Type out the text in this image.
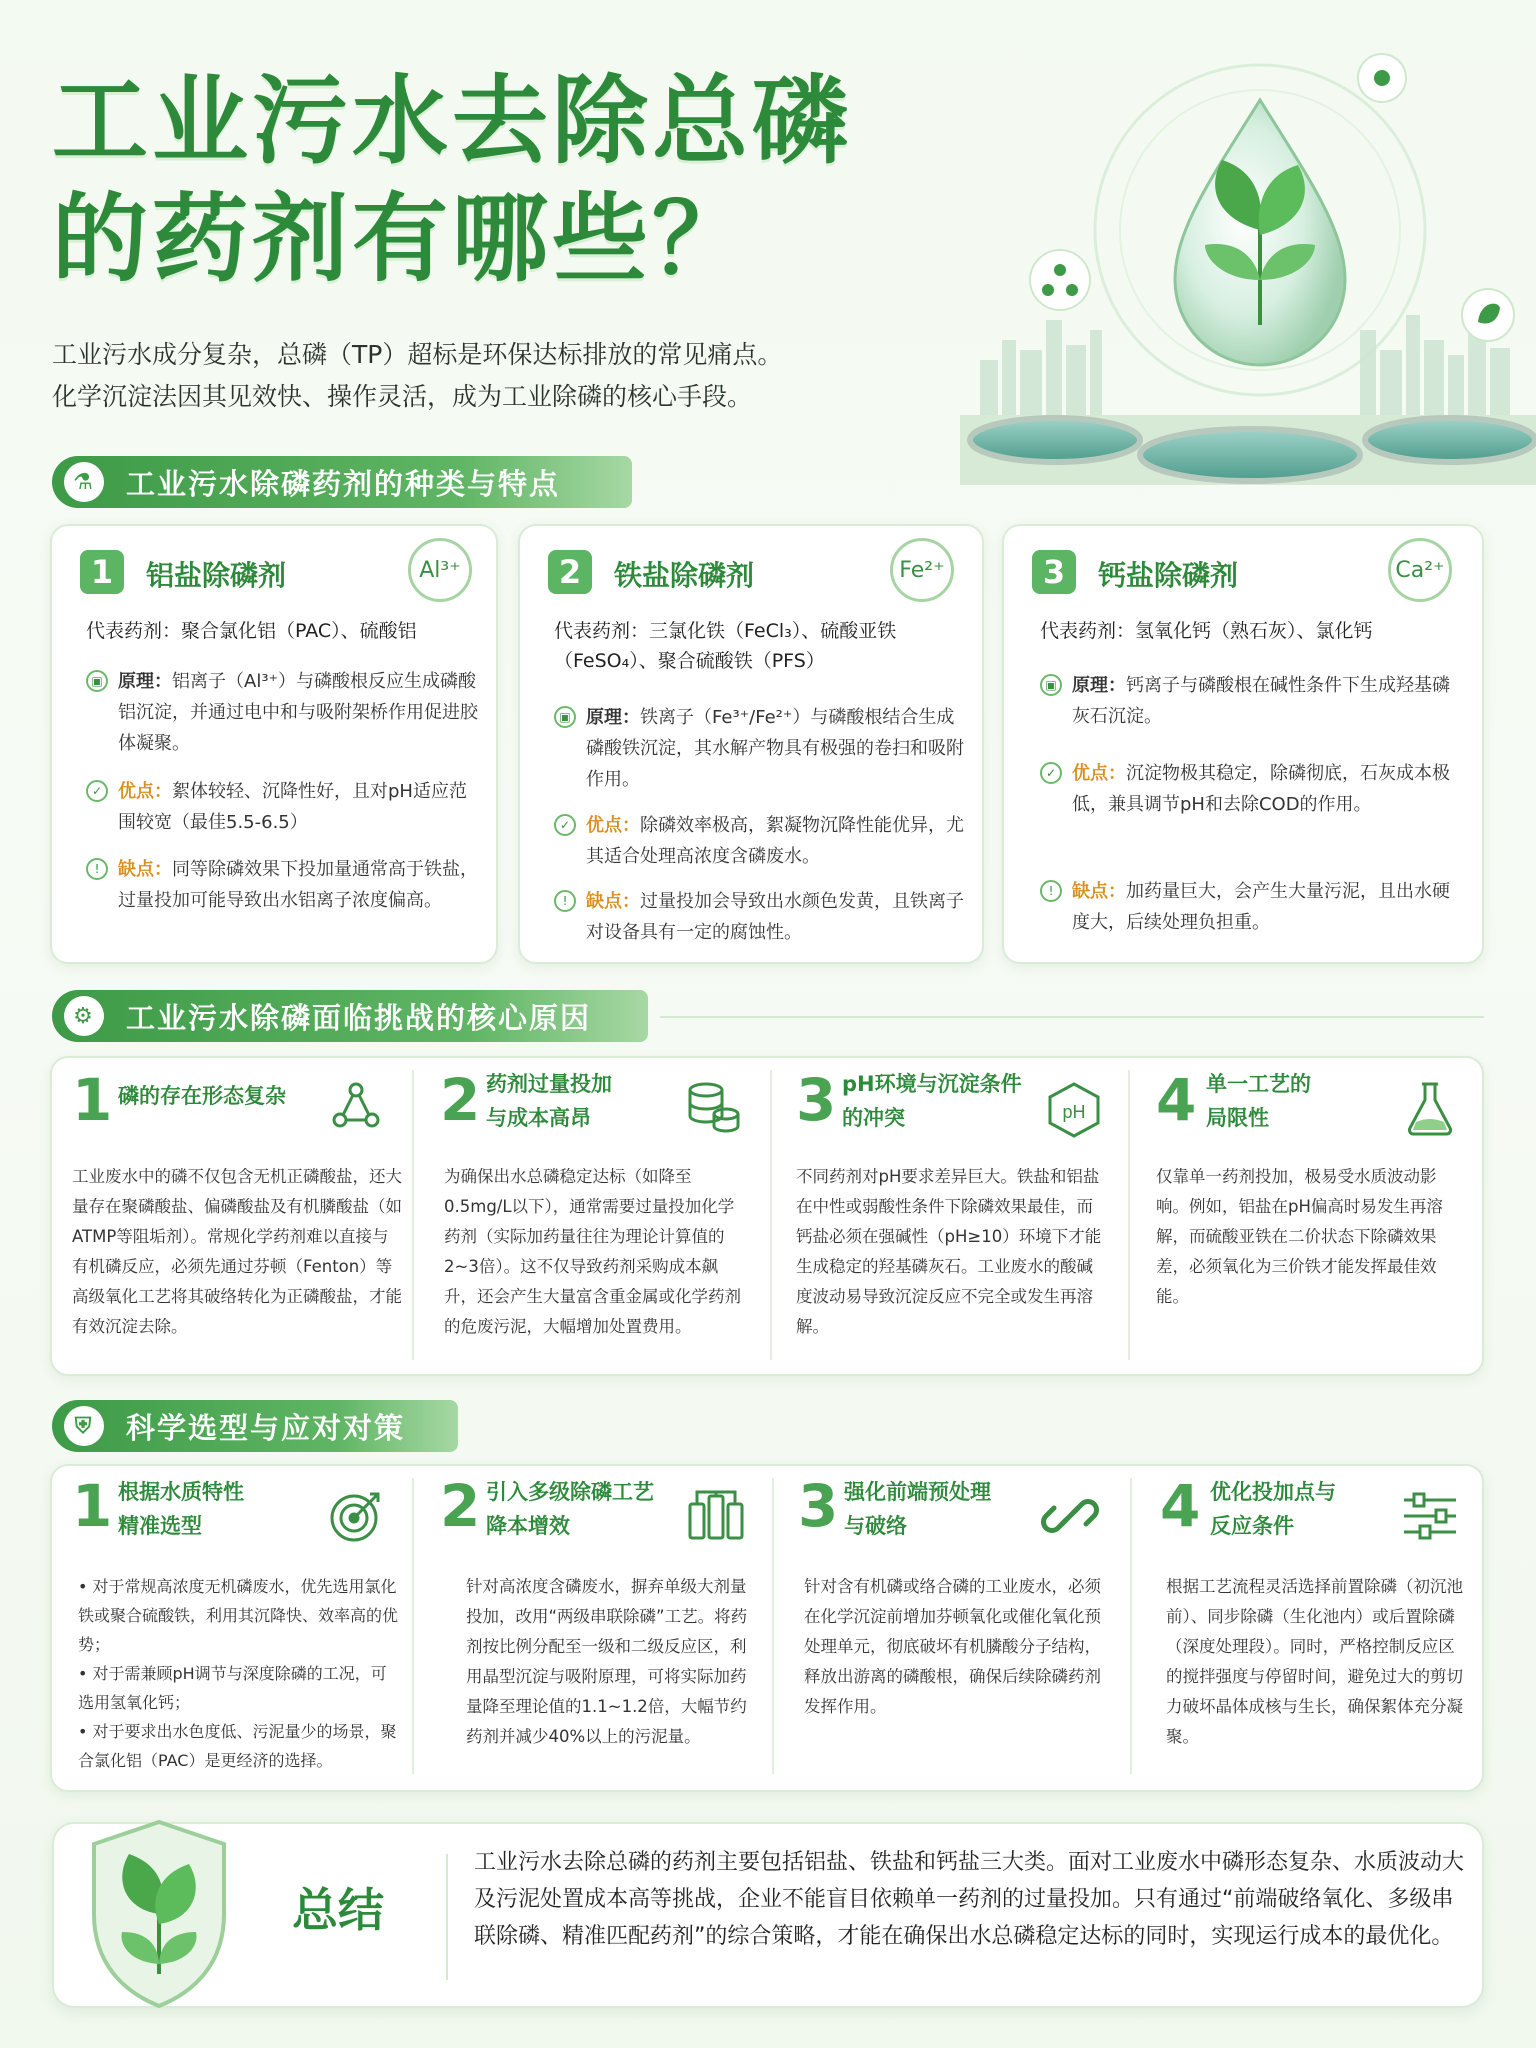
工业污水去除总磷
的药剂有哪些？
工业污水成分复杂，总磷（TP）超标是环保达标排放的常见痛点。
化学沉淀法因其见效快、操作灵活，成为工业除磷的核心手段。
⚗	工业污水除磷药剂的种类与特点
1	铝盐除磷剂	Al³⁺
代表药剂：聚合氯化铝（PAC）、硫酸铝
▣ 原理：铝离子（Al³⁺）与磷酸根反应生成磷酸铝沉淀，并通过电中和与吸附架桥作用促进胶体凝聚。
✓ 优点：絮体较轻、沉降性好，且对pH适应范围较宽（最佳5.5-6.5）
!	缺点：同等除磷效果下投加量通常高于铁盐，过量投加可能导致出水铝离子浓度偏高。
2	铁盐除磷剂	Fe²⁺
代表药剂：三氯化铁（FeCl₃）、硫酸亚铁（FeSO₄）、聚合硫酸铁（PFS）
▣ 原理：铁离子（Fe³⁺/Fe²⁺）与磷酸根结合生成磷酸铁沉淀，其水解产物具有极强的卷扫和吸附作用。
✓ 优点：除磷效率极高，絮凝物沉降性能优异，尤其适合处理高浓度含磷废水。
!	缺点：过量投加会导致出水颜色发黄，且铁离子对设备具有一定的腐蚀性。
3	钙盐除磷剂	Ca²⁺
代表药剂：氢氧化钙（熟石灰）、氯化钙
▣ 原理：钙离子与磷酸根在碱性条件下生成羟基磷灰石沉淀。
✓ 优点：沉淀物极其稳定，除磷彻底，石灰成本极低，兼具调节pH和去除COD的作用。
!	缺点：加药量巨大，会产生大量污泥，且出水硬度大，后续处理负担重。
⚙	工业污水除磷面临挑战的核心原因
1 磷的存在形态复杂
工业废水中的磷不仅包含无机正磷酸盐，还大量存在聚磷酸盐、偏磷酸盐及有机膦酸盐（如ATMP等阻垢剂）。常规化学药剂难以直接与有机磷反应，必须先通过芬顿（Fenton）等高级氧化工艺将其破络转化为正磷酸盐，才能有效沉淀去除。
2 药剂过量投加
与成本高昂
为确保出水总磷稳定达标（如降至0.5mg/L以下），通常需要过量投加化学药剂（实际加药量往往为理论计算值的2~3倍）。这不仅导致药剂采购成本飙升，还会产生大量富含重金属或化学药剂的危废污泥，大幅增加处置费用。
3 pH环境与沉淀条件
的冲突	pH
不同药剂对pH要求差异巨大。铁盐和铝盐在中性或弱酸性条件下除磷效果最佳，而钙盐必须在强碱性（pH≥10）环境下才能生成稳定的羟基磷灰石。工业废水的酸碱度波动易导致沉淀反应不完全或发生再溶解。
4 单一工艺的
局限性
仅靠单一药剂投加，极易受水质波动影响。例如，铝盐在pH偏高时易发生再溶解，而硫酸亚铁在二价状态下除磷效果差，必须氧化为三价铁才能发挥最佳效能。
⛨	科学选型与应对对策
1 根据水质特性
精准选型
• 对于常规高浓度无机磷废水，优先选用氯化铁或聚合硫酸铁，利用其沉降快、效率高的优势；
• 对于需兼顾pH调节与深度除磷的工况，可选用氢氧化钙；
• 对于要求出水色度低、污泥量少的场景，聚合氯化铝（PAC）是更经济的选择。
2 引入多级除磷工艺
降本增效
针对高浓度含磷废水，摒弃单级大剂量投加，改用“两级串联除磷”工艺。将药剂按比例分配至一级和二级反应区，利用晶型沉淀与吸附原理，可将实际加药量降至理论值的1.1~1.2倍，大幅节约药剂并减少40%以上的污泥量。
3 强化前端预处理
与破络
针对含有机磷或络合磷的工业废水，必须在化学沉淀前增加芬顿氧化或催化氧化预处理单元，彻底破坏有机膦酸分子结构，释放出游离的磷酸根，确保后续除磷药剂发挥作用。
4 优化投加点与
反应条件
根据工艺流程灵活选择前置除磷（初沉池前）、同步除磷（生化池内）或后置除磷（深度处理段）。同时，严格控制反应区的搅拌强度与停留时间，避免过大的剪切力破坏晶体成核与生长，确保絮体充分凝聚。
总结
工业污水去除总磷的药剂主要包括铝盐、铁盐和钙盐三大类。面对工业废水中磷形态复杂、水质波动大及污泥处置成本高等挑战，企业不能盲目依赖单一药剂的过量投加。只有通过“前端破络氧化、多级串联除磷、精准匹配药剂”的综合策略，才能在确保出水总磷稳定达标的同时，实现运行成本的最优化。
